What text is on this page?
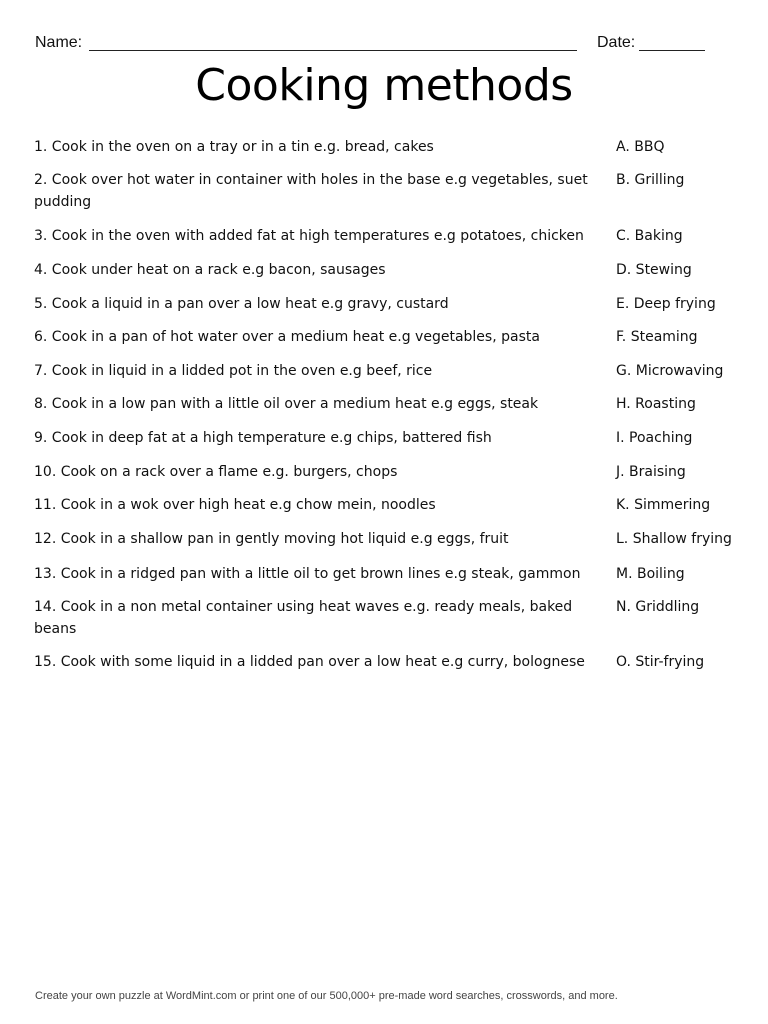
Name:	Date:
Cooking methods
1. Cook in the oven on a tray or in a tin e.g. bread, cakes
2. Cook over hot water in container with holes in the base e.g vegetables, suet pudding
3. Cook in the oven with added fat at high temperatures e.g potatoes, chicken
4. Cook under heat on a rack e.g bacon, sausages
5. Cook a liquid in a pan over a low heat e.g gravy, custard
6. Cook in a pan of hot water over a medium heat e.g vegetables, pasta
7. Cook in liquid in a lidded pot in the oven e.g beef, rice
8. Cook in a low pan with a little oil over a medium heat e.g eggs, steak
9. Cook in deep fat at a high temperature e.g chips, battered fish
10. Cook on a rack over a flame e.g. burgers, chops
11. Cook in a wok over high heat e.g chow mein, noodles
12. Cook in a shallow pan in gently moving hot liquid e.g eggs, fruit
13. Cook in a ridged pan with a little oil to get brown lines e.g steak, gammon
14. Cook in a non metal container using heat waves e.g. ready meals, baked beans
15. Cook with some liquid in a lidded pan over a low heat e.g curry, bolognese
A. BBQ
B. Grilling
C. Baking
D. Stewing
E. Deep frying
F. Steaming
G. Microwaving
H. Roasting
I. Poaching
J. Braising
K. Simmering
L. Shallow frying
M. Boiling
N. Griddling
O. Stir-frying
Create your own puzzle at WordMint.com or print one of our 500,000+ pre-made word searches, crosswords, and more.
